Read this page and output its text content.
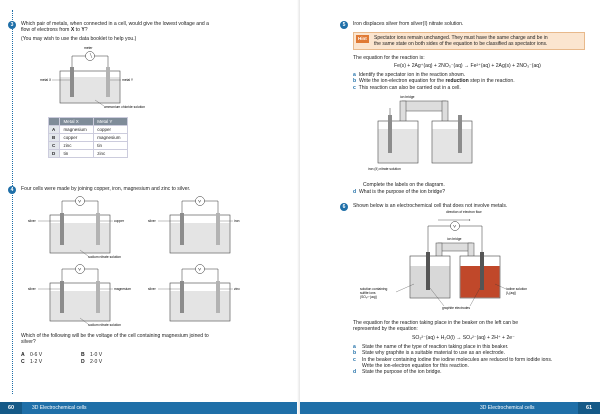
3	Which pair of metals, when connected in a cell, would give the lowest voltage and a
flow of electrons from X to Y?
(You may wish to use the data booklet to help you.)
meter
metal X	metal Y
ammonium chloride solution
	Metal X	Metal Y
A	magnesium	copper
B	copper	magnesium
C	zinc	tin
D	tin	zinc
4	Four cells were made by joining copper, iron, magnesium and zinc to silver.
V
silver	copper
sodium nitrate solution
V
silver	iron
V
silver	magnesium
sodium nitrate solution
V
silver	zinc
Which of the following will be the voltage of the cell containing magnesium joined to
silver?
A 0·6 V	B 1·0 V
C 1·2 V	D 2·0 V
60	3D Electrochemical cells
5	Iron displaces silver from silver(I) nitrate solution.
Hint	Spectator ions remain unchanged. They must have the same charge and be in
the same state on both sides of the equation to be classified as spectator ions.
The equation for the reaction is:
Fe(s) + 2Ag⁺(aq) + 2NO₃⁻(aq) → Fe²⁺(aq) + 2Ag(s) + 2NO₃⁻(aq)
a Identify the spectator ion in the reaction shown.
b Write the ion-electron equation for the reduction step in the reaction.
c This reaction can also be carried out in a cell.
ion bridge
iron (II) nitrate solution
Complete the labels on the diagram.
d What is the purpose of the ion bridge?
6	Shown below is an electrochemical cell that does not involve metals.
direction of electron flow
V
ion bridge
solution containing sulfite ions (SO₃²⁻(aq))
iodine solution (I₂(aq))
graphite electrodes
The equation for the reaction taking place in the beaker on the left can be
represented by the equation:
SO₃²⁻(aq) + H₂O(l) → SO₄²⁻(aq) + 2H⁺ + 2e⁻
a State the name of the type of reaction taking place in this beaker.
b State why graphite is a suitable material to use as an electrode.
c In the beaker containing iodine the iodine molecules are reduced to form iodide ions.
Write the ion-electron equation for this reaction.
d State the purpose of the ion bridge.
61
3D Electrochemical cells
